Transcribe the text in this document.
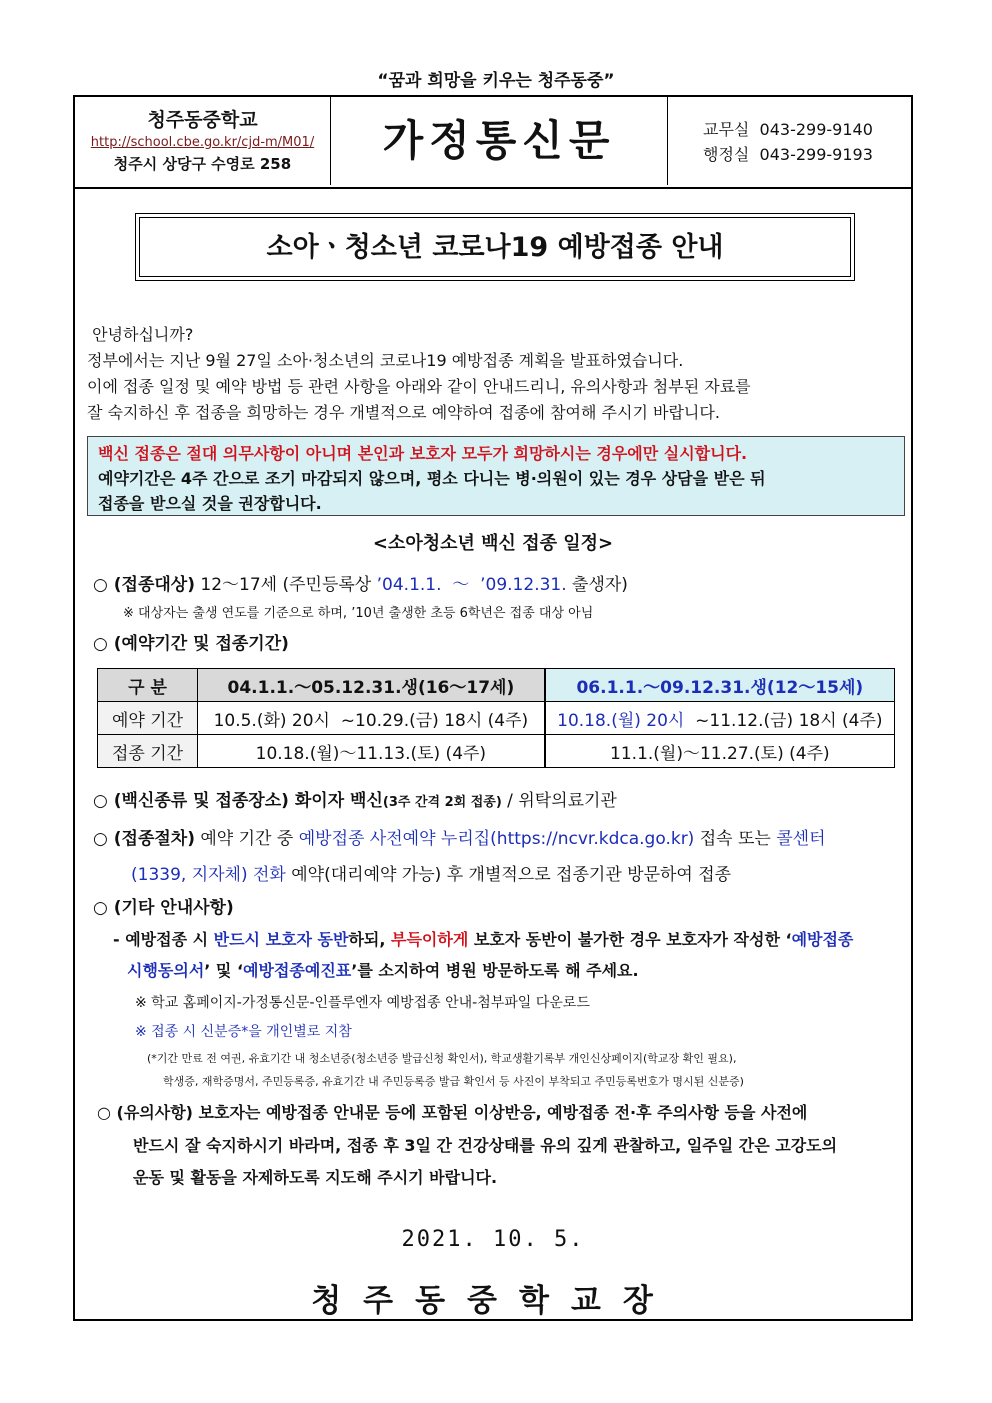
“꿈과 희망을 키우는 청주동중”
청주동중학교
http://school.cbe.go.kr/cjd-m/M01/
청주시 상당구 수영로 258	가정통신문	교무실  043-299-9140
행정실  043-299-9193
소아ㆍ청소년 코로나19 예방접종 안내

안녕하십니까?

정부에서는 지난 9월 27일 소아·청소년의 코로나19 예방접종 계획을 발표하였습니다.

이에 접종 일정 및 예약 방법 등 관련 사항을 아래와 같이 안내드리니, 유의사항과 첨부된 자료를

잘 숙지하신 후 접종을 희망하는 경우 개별적으로 예약하여 접종에 참여해 주시기 바랍니다.

백신 접종은 절대 의무사항이 아니며 본인과 보호자 모두가 희망하시는 경우에만 실시합니다.
예약기간은 4주 간으로 조기 마감되지 않으며, 평소 다니는 병·의원이 있는 경우 상담을 받은 뒤
접종을 받으실 것을 권장합니다.
<소아청소년 백신 접종 일정>
○ (접종대상) 12～17세 (주민등록상 ’04.1.1.  ～  ’09.12.31. 출생자)
※ 대상자는 출생 연도를 기준으로 하며, ’10년 출생한 초등 6학년은 접종 대상 아님
○ (예약기간 및 접종기간)
구 분	04.1.1.～05.12.31.생(16～17세)	06.1.1.～09.12.31.생(12～15세)
예약 기간	10.5.(화) 20시  ~10.29.(금) 18시 (4주)	10.18.(월) 20시  ~11.12.(금) 18시 (4주)
접종 기간	10.18.(월)～11.13.(토) (4주)	11.1.(월)～11.27.(토) (4주)
○ (백신종류 및 접종장소) 화이자 백신(3주 간격 2회 접종) / 위탁의료기관
○ (접종절차) 예약 기간 중 예방접종 사전예약 누리집(https://ncvr.kdca.go.kr) 접속 또는 콜센터
(1339, 지자체) 전화 예약(대리예약 가능) 후 개별적으로 접종기관 방문하여 접종
○ (기타 안내사항)
- 예방접종 시 반드시 보호자 동반하되, 부득이하게 보호자 동반이 불가한 경우 보호자가 작성한 ‘예방접종
시행동의서’ 및 ‘예방접종예진표’를 소지하여 병원 방문하도록 해 주세요.
※ 학교 홈페이지-가정통신문-인플루엔자 예방접종 안내-첨부파일 다운로드
※ 접종 시 신분증*을 개인별로 지참
(*기간 만료 전 여권, 유효기간 내 청소년증(청소년증 발급신청 확인서), 학교생활기록부 개인신상페이지(학교장 확인 필요),
학생증, 재학증명서, 주민등록증, 유효기간 내 주민등록증 발급 확인서 등 사진이 부착되고 주민등록번호가 명시된 신분증)
○ (유의사항) 보호자는 예방접종 안내문 등에 포함된 이상반응, 예방접종 전·후 주의사항 등을 사전에
반드시 잘 숙지하시기 바라며, 접종 후 3일 간 건강상태를 유의 깊게 관찰하고, 일주일 간은 고강도의
운동 및 활동을 자제하도록 지도해 주시기 바랍니다.
2021. 10. 5.
청주동중학교장
